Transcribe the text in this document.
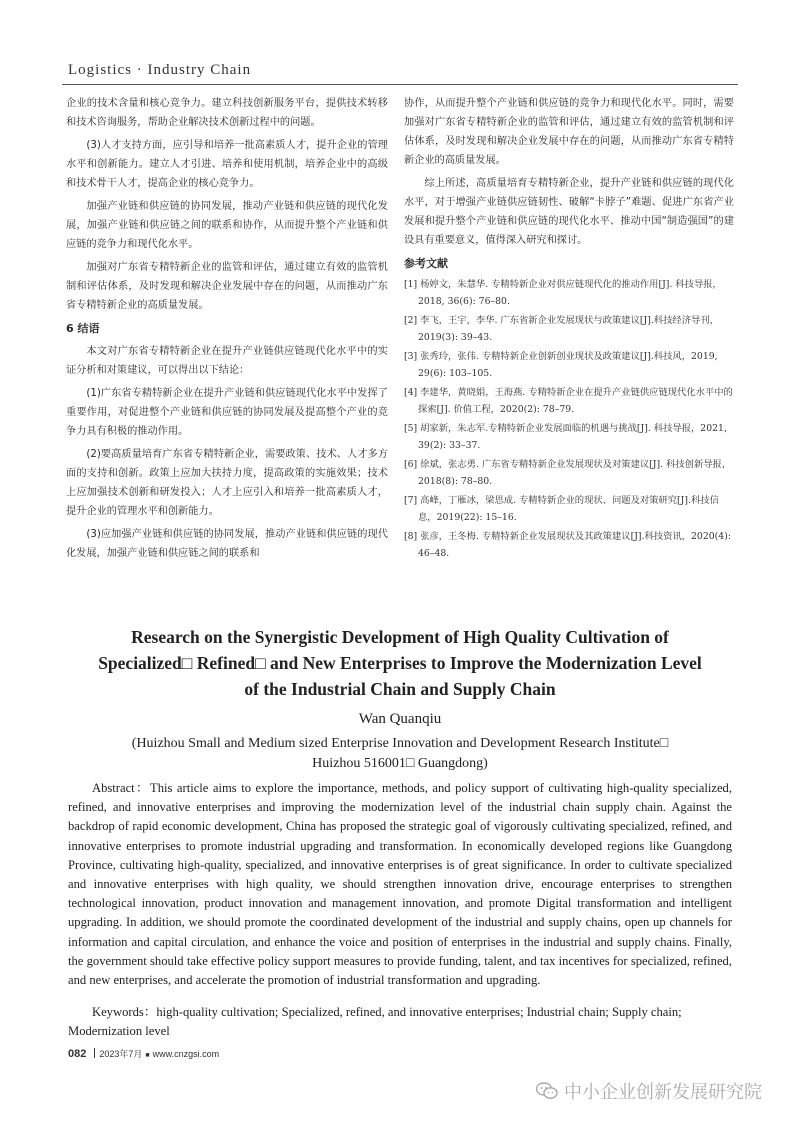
Logistics · Industry Chain

企业的技术含量和核心竞争力。建立科技创新服务平台，提供技术转移和技术咨询服务，帮助企业解决技术创新过程中的问题。

(3)人才支持方面，应引导和培养一批高素质人才，提升企业的管理水平和创新能力。建立人才引进、培养和使用机制，培养企业中的高级和技术骨干人才，提高企业的核心竞争力。

加强产业链和供应链的协同发展，推动产业链和供应链的现代化发展，加强产业链和供应链之间的联系和协作，从而提升整个产业链和供应链的竞争力和现代化水平。

加强对广东省专精特新企业的监管和评估，通过建立有效的监管机制和评估体系，及时发现和解决企业发展中存在的问题，从而推动广东省专精特新企业的高质量发展。

6 结语

本文对广东省专精特新企业在提升产业链供应链现代化水平中的实证分析和对策建议，可以得出以下结论：

(1)广东省专精特新企业在提升产业链和供应链现代化水平中发挥了重要作用，对促进整个产业链和供应链的协同发展及提高整个产业的竞争力具有积极的推动作用。

(2)要高质量培育广东省专精特新企业，需要政策、技术、人才多方面的支持和创新。政策上应加大扶持力度，提高政策的实施效果；技术上应加强技术创新和研发投入；人才上应引入和培养一批高素质人才，提升企业的管理水平和创新能力。

(3)应加强产业链和供应链的协同发展，推动产业链和供应链的现代化发展，加强产业链和供应链之间的联系和

协作，从而提升整个产业链和供应链的竞争力和现代化水平。同时，需要加强对广东省专精特新企业的监管和评估，通过建立有效的监管机制和评估体系，及时发现和解决企业发展中存在的问题，从而推动广东省专精特新企业的高质量发展。

综上所述，高质量培育专精特新企业，提升产业链和供应链的现代化水平，对于增强产业链供应链韧性、破解“卡脖子”难题、促进广东省产业发展和提升整个产业链和供应链的现代化水平、推动中国“制造强国”的建设具有重要意义，值得深入研究和探讨。

参考文献
[1] 杨婷文，朱慧华. 专精特新企业对供应链现代化的推动作用[J]. 科技导报，2018, 36(6): 76–80.
[2] 李飞，王宇，李华. 广东省新企业发展现状与政策建议[J].科技经济导刊，2019(3): 39–43.
[3] 张秀玲，张伟. 专精特新企业创新创业现状及政策建议[J].科技风，2019, 29(6): 103–105.
[4] 李建华，黄晓娟，王海燕. 专精特新企业在提升产业链供应链现代化水平中的探索[J]. 价值工程，2020(2): 78–79.
[5] 胡家新，朱志军.专精特新企业发展面临的机遇与挑战[J]. 科技导报，2021, 39(2): 33–37.
[6] 徐斌，张志勇. 广东省专精特新企业发展现状及对策建议[J]. 科技创新导报，2018(8): 78–80.
[7] 高峰，丁雁冰，梁思成. 专精特新企业的现状、问题及对策研究[J].科技信息，2019(22): 15–16.
[8] 张彦，王冬梅. 专精特新企业发展现状及其政策建议[J].科技资讯，2020(4): 46–48.
Research on the Synergistic Development of High Quality Cultivation of
Specialized□ Refined□ and New Enterprises to Improve the Modernization Level
of the Industrial Chain and Supply Chain
Wan Quanqiu
(Huizhou Small and Medium sized Enterprise Innovation and Development Research Institute□
Huizhou 516001□ Guangdong)
Abstract：This article aims to explore the importance, methods, and policy support of cultivating high-quality specialized, refined, and innovative enterprises and improving the modernization level of the industrial chain supply chain. Against the backdrop of rapid economic development, China has proposed the strategic goal of vigorously cultivating specialized, refined, and innovative enterprises to promote industrial upgrading and transformation. In economically developed regions like Guangdong Province, cultivating high-quality, specialized, and innovative enterprises is of great significance. In order to cultivate specialized and innovative enterprises with high quality, we should strengthen innovation drive, encourage enterprises to strengthen technological innovation, product innovation and management innovation, and promote Digital transformation and intelligent upgrading. In addition, we should promote the coordinated development of the industrial and supply chains, open up channels for information and capital circulation, and enhance the voice and position of enterprises in the industrial and supply chains. Finally, the government should take effective policy support measures to provide funding, talent, and tax incentives for specialized, refined, and new enterprises, and accelerate the promotion of industrial transformation and upgrading.
Keywords：high-quality cultivation; Specialized, refined, and innovative enterprises; Industrial chain; Supply chain; Modernization level
082 2023年7月 ■ www.cnzgsi.com
中小企业创新发展研究院
